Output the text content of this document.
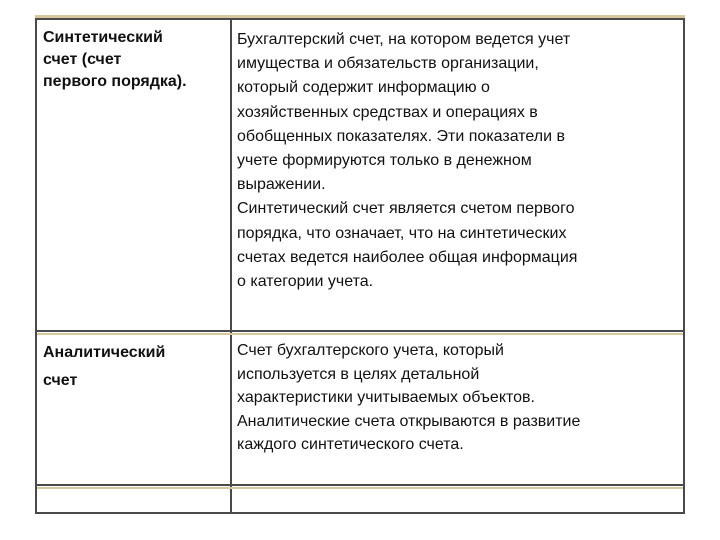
Синтетический
счет (счет
первого порядка).
Бухгалтерский счет, на котором ведется учет
имущества и обязательств организации,
который содержит информацию о
хозяйственных средствах и операциях в
обобщенных показателях. Эти показатели в
учете формируются только в денежном
выражении.
Синтетический счет является счетом первого
порядка, что означает, что на синтетических
счетах ведется наиболее общая информация
о категории учета.
Аналитический
счет
Счет бухгалтерского учета, который
используется в целях детальной
характеристики учитываемых объектов.
Аналитические счета открываются в развитие
каждого синтетического счета.
